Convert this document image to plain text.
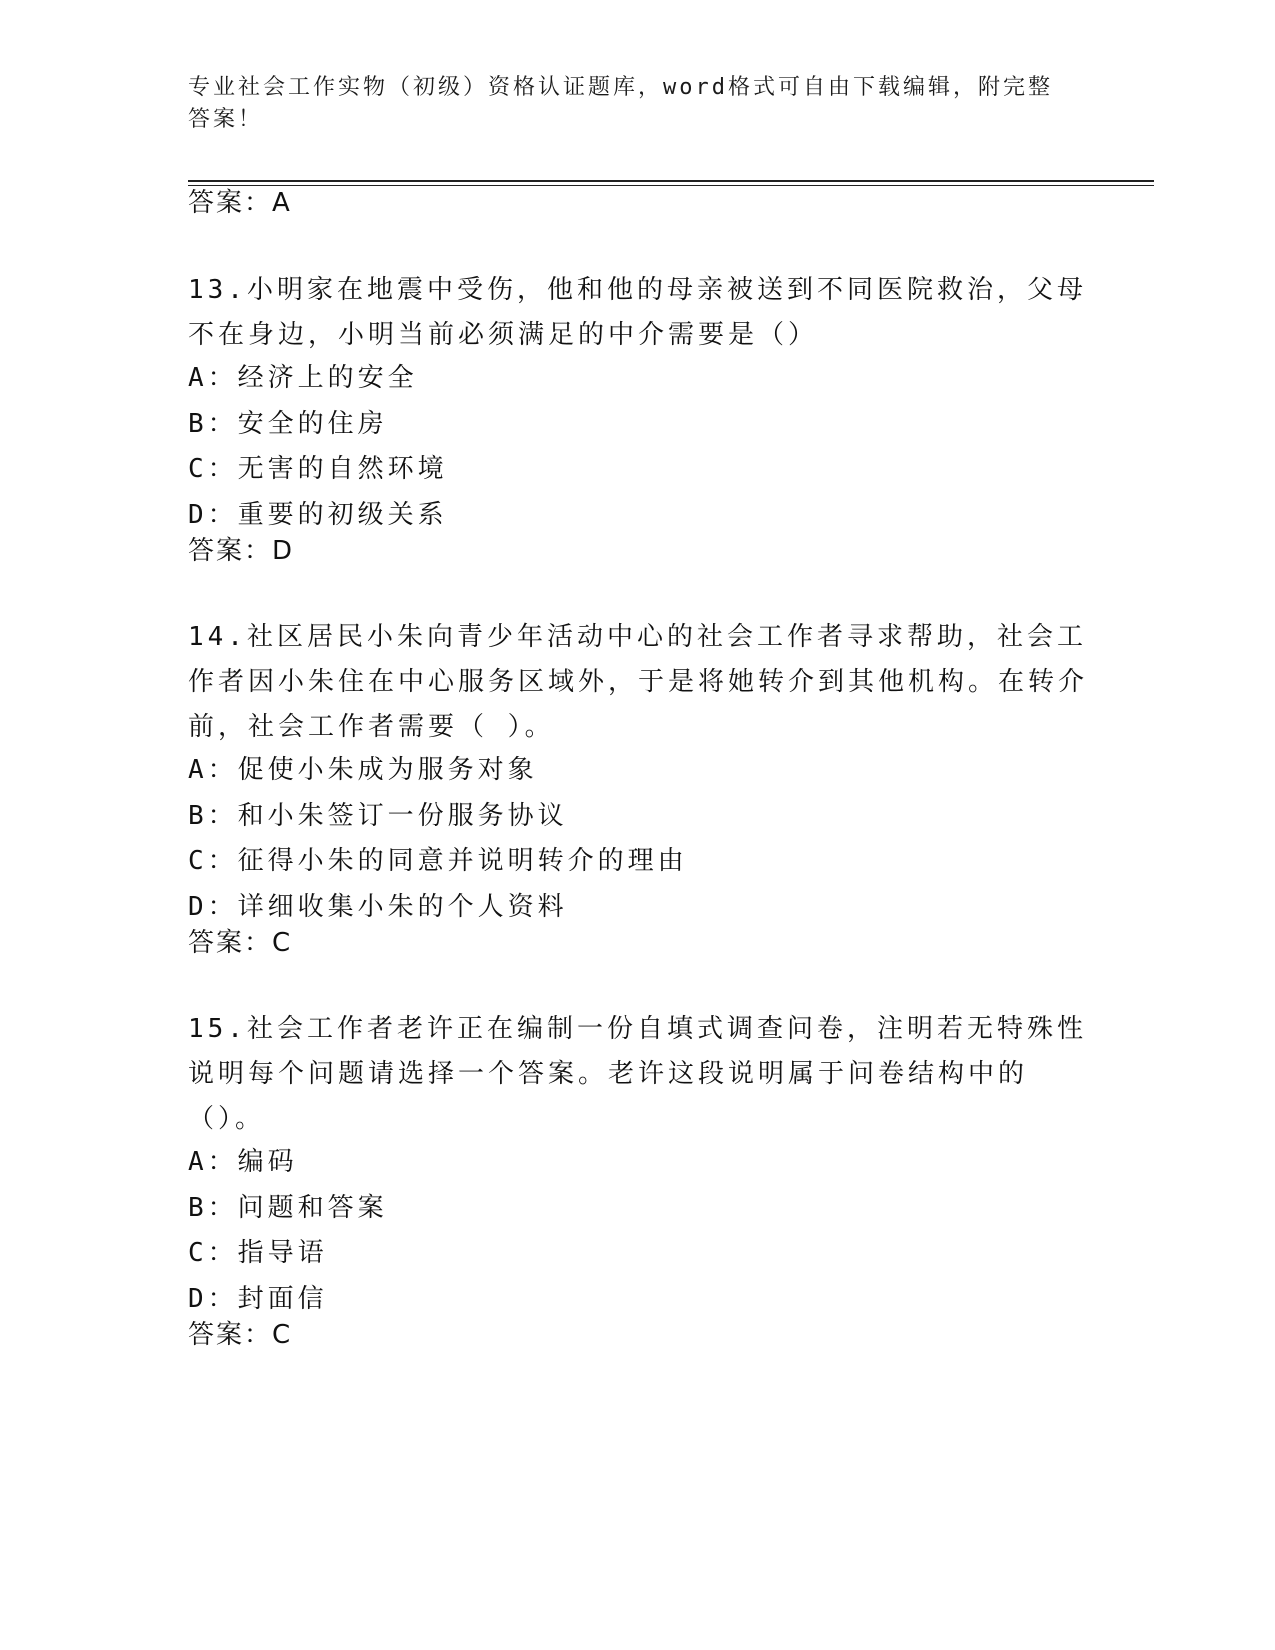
专业社会工作实物（初级）资格认证题库，word格式可自由下载编辑，附完整答案！
答案：A
13.小明家在地震中受伤，他和他的母亲被送到不同医院救治，父母不在身边，小明当前必须满足的中介需要是（）
A：经济上的安全
B：安全的住房
C：无害的自然环境
D：重要的初级关系
答案：D
14.社区居民小朱向青少年活动中心的社会工作者寻求帮助，社会工作者因小朱住在中心服务区域外，于是将她转介到其他机构。在转介前，社会工作者需要（ ）。
A：促使小朱成为服务对象
B：和小朱签订一份服务协议
C：征得小朱的同意并说明转介的理由
D：详细收集小朱的个人资料
答案：C
15.社会工作者老许正在编制一份自填式调查问卷，注明若无特殊性说明每个问题请选择一个答案。老许这段说明属于问卷结构中的（）。
A：编码
B：问题和答案
C：指导语
D：封面信
答案：C
